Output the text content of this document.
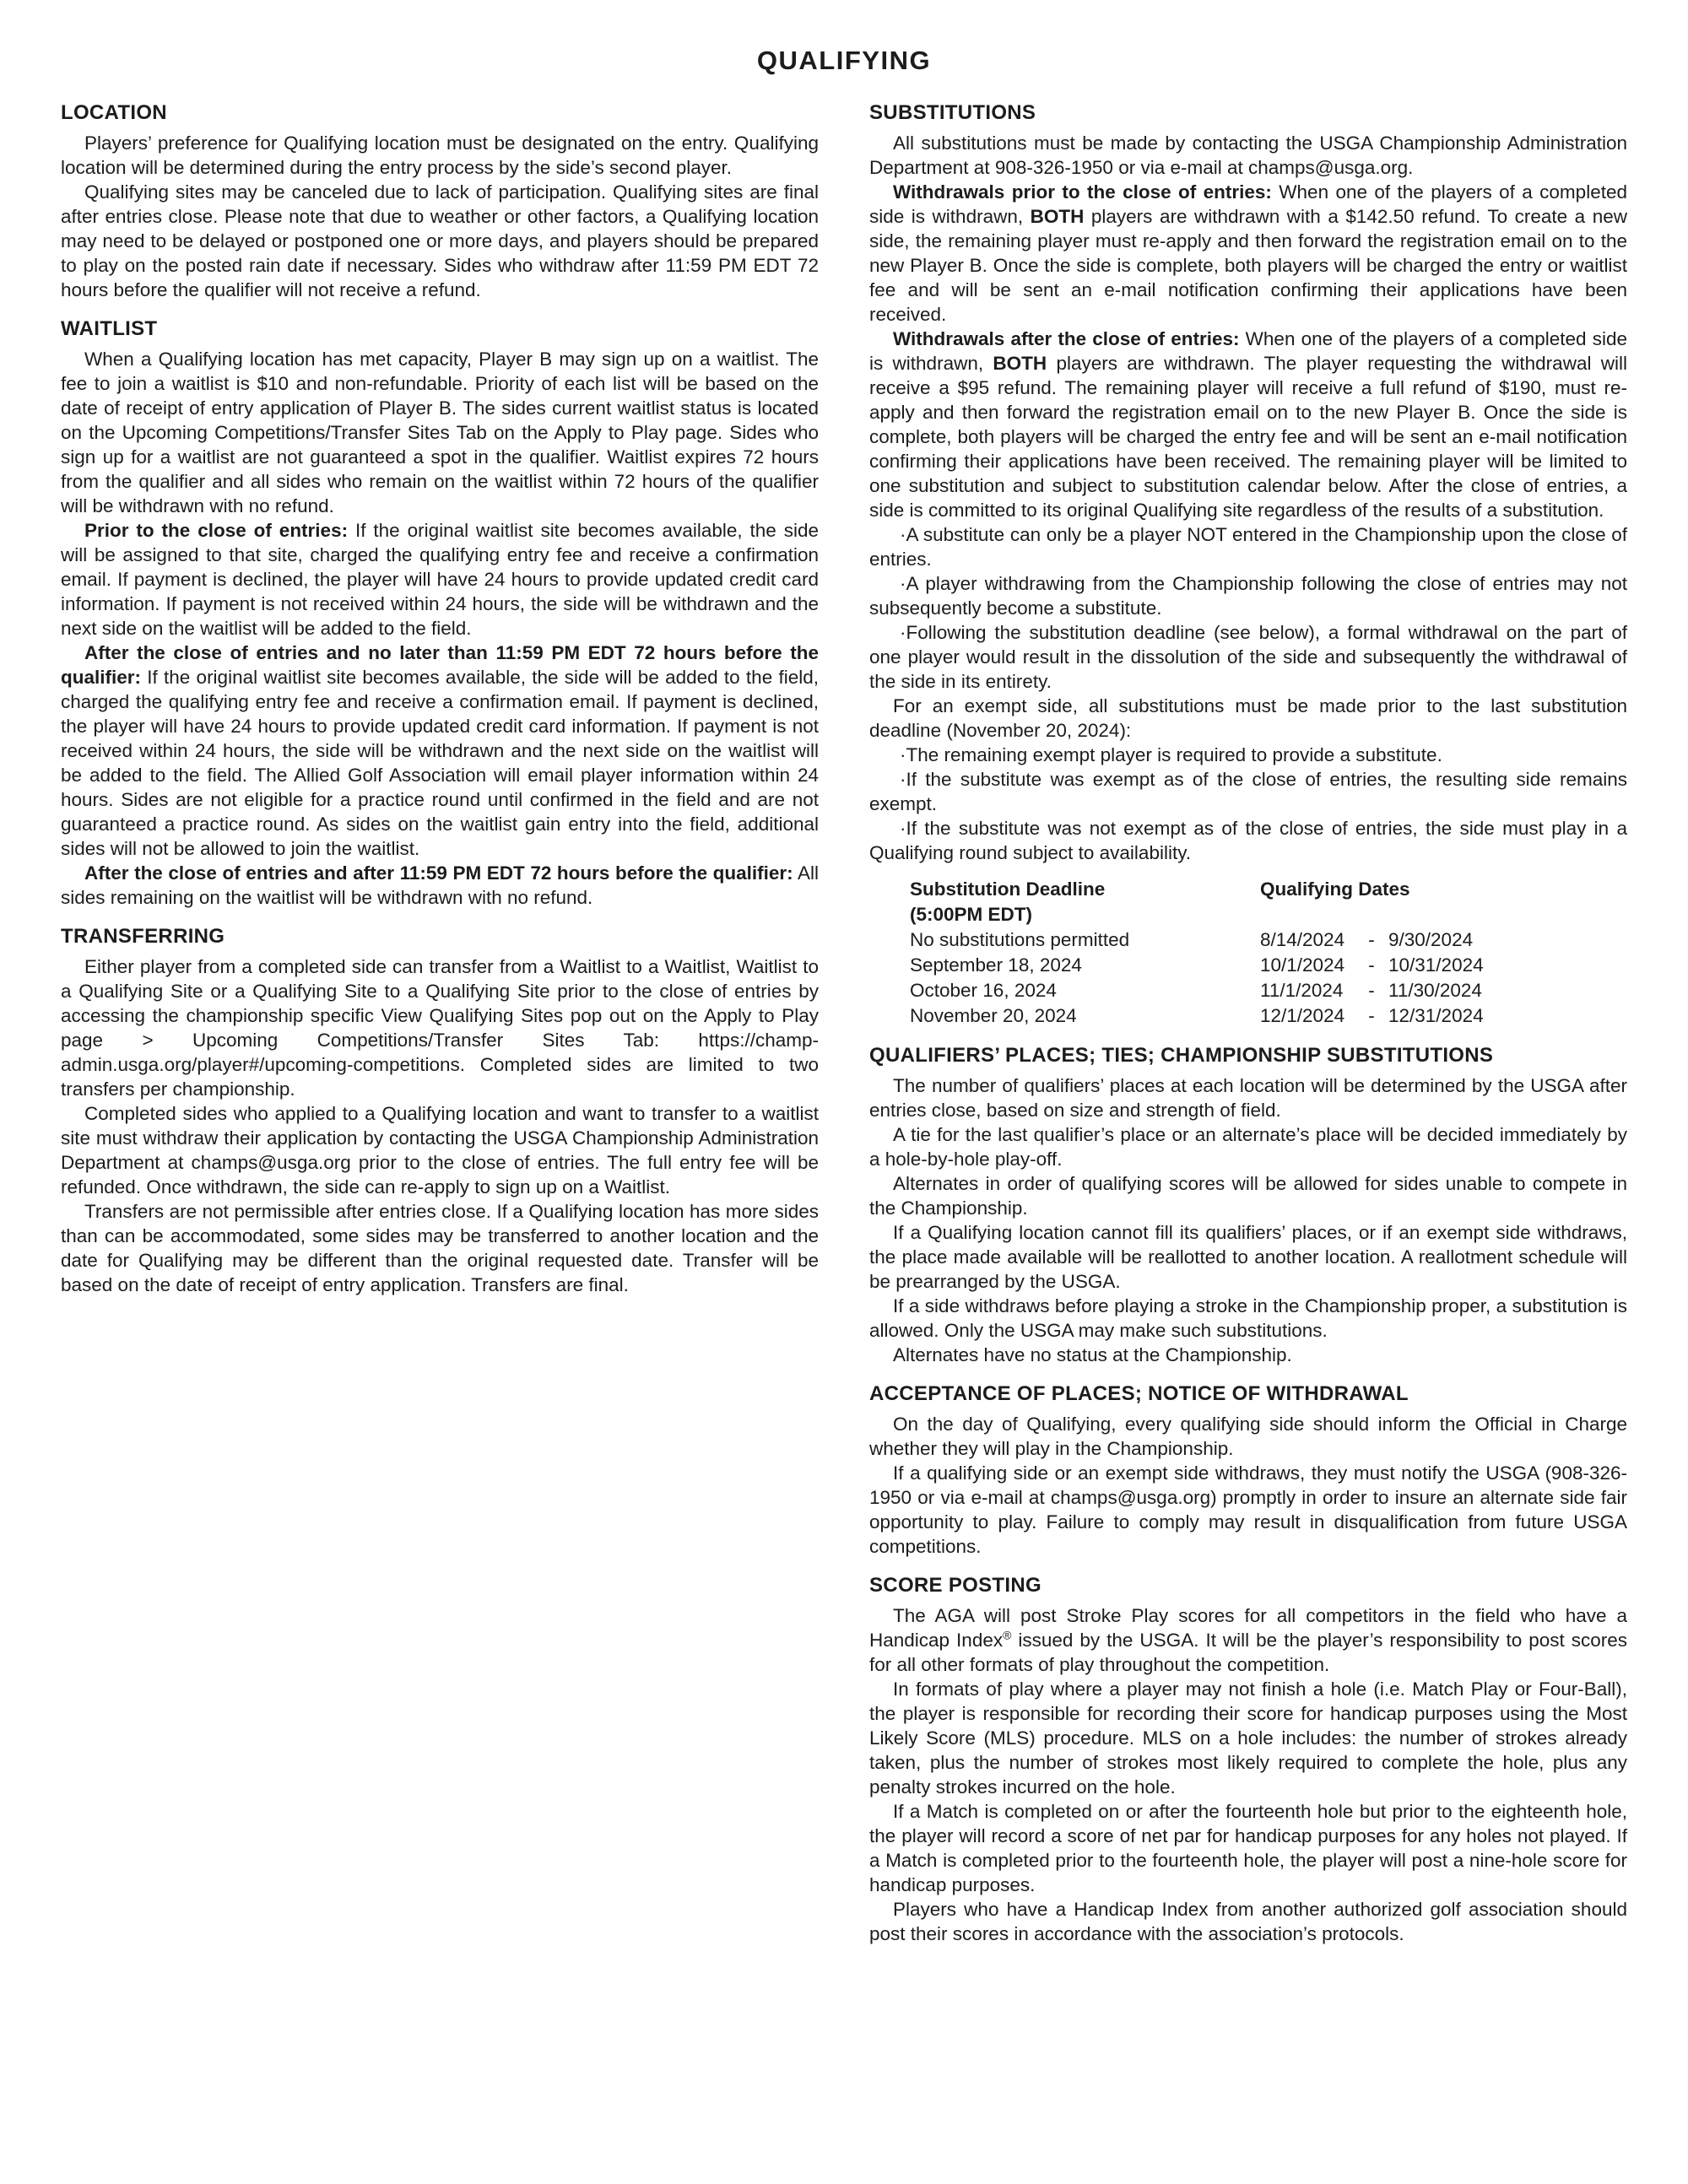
QUALIFYING
LOCATION

Players’ preference for Qualifying location must be designated on the entry. Qualifying location will be determined during the entry process by the side’s second player.

Qualifying sites may be canceled due to lack of participation. Qualifying sites are final after entries close. Please note that due to weather or other factors, a Qualifying location may need to be delayed or postponed one or more days, and players should be prepared to play on the posted rain date if necessary. Sides who withdraw after 11:59 PM EDT 72 hours before the qualifier will not receive a refund.

WAITLIST

When a Qualifying location has met capacity, Player B may sign up on a waitlist. The fee to join a waitlist is $10 and non-refundable. Priority of each list will be based on the date of receipt of entry application of Player B. The sides current waitlist status is located on the Upcoming Competitions/Transfer Sites Tab on the Apply to Play page. Sides who sign up for a waitlist are not guaranteed a spot in the qualifier. Waitlist expires 72 hours from the qualifier and all sides who remain on the waitlist within 72 hours of the qualifier will be withdrawn with no refund.

Prior to the close of entries: If the original waitlist site becomes available, the side will be assigned to that site, charged the qualifying entry fee and receive a confirmation email. If payment is declined, the player will have 24 hours to provide updated credit card information. If payment is not received within 24 hours, the side will be withdrawn and the next side on the waitlist will be added to the field.

After the close of entries and no later than 11:59 PM EDT 72 hours before the qualifier: If the original waitlist site becomes available, the side will be added to the field, charged the qualifying entry fee and receive a confirmation email. If payment is declined, the player will have 24 hours to provide updated credit card information. If payment is not received within 24 hours, the side will be withdrawn and the next side on the waitlist will be added to the field. The Allied Golf Association will email player information within 24 hours. Sides are not eligible for a practice round until confirmed in the field and are not guaranteed a practice round. As sides on the waitlist gain entry into the field, additional sides will not be allowed to join the waitlist.

After the close of entries and after 11:59 PM EDT 72 hours before the qualifier: All sides remaining on the waitlist will be withdrawn with no refund.

TRANSFERRING

Either player from a completed side can transfer from a Waitlist to a Waitlist, Waitlist to a Qualifying Site or a Qualifying Site to a Qualifying Site prior to the close of entries by accessing the championship specific View Qualifying Sites pop out on the Apply to Play page > Upcoming Competitions/Transfer Sites Tab: https://champ-admin.usga.org/player#/upcoming-competitions. Completed sides are limited to two transfers per championship.

Completed sides who applied to a Qualifying location and want to transfer to a waitlist site must withdraw their application by contacting the USGA Championship Administration Department at champs@usga.org prior to the close of entries. The full entry fee will be refunded. Once withdrawn, the side can re-apply to sign up on a Waitlist.

Transfers are not permissible after entries close. If a Qualifying location has more sides than can be accommodated, some sides may be transferred to another location and the date for Qualifying may be different than the original requested date. Transfer will be based on the date of receipt of entry application. Transfers are final.

SUBSTITUTIONS

All substitutions must be made by contacting the USGA Championship Administration Department at 908-326-1950 or via e-mail at champs@usga.org.

Withdrawals prior to the close of entries: When one of the players of a completed side is withdrawn, BOTH players are withdrawn with a $142.50 refund. To create a new side, the remaining player must re-apply and then forward the registration email on to the new Player B. Once the side is complete, both players will be charged the entry or waitlist fee and will be sent an e-mail notification confirming their applications have been received.

Withdrawals after the close of entries: When one of the players of a completed side is withdrawn, BOTH players are withdrawn. The player requesting the withdrawal will receive a $95 refund. The remaining player will receive a full refund of $190, must re-apply and then forward the registration email on to the new Player B. Once the side is complete, both players will be charged the entry fee and will be sent an e-mail notification confirming their applications have been received. The remaining player will be limited to one substitution and subject to substitution calendar below. After the close of entries, a side is committed to its original Qualifying site regardless of the results of a substitution.

·A substitute can only be a player NOT entered in the Championship upon the close of entries.

·A player withdrawing from the Championship following the close of entries may not subsequently become a substitute.

·Following the substitution deadline (see below), a formal withdrawal on the part of one player would result in the dissolution of the side and subsequently the withdrawal of the side in its entirety.

For an exempt side, all substitutions must be made prior to the last substitution deadline (November 20, 2024):

·The remaining exempt player is required to provide a substitute.

·If the substitute was exempt as of the close of entries, the resulting side remains exempt.

·If the substitute was not exempt as of the close of entries, the side must play in a Qualifying round subject to availability.

Substitution Deadline	Qualifying Dates
(5:00PM EDT)
No substitutions permitted	8/14/2024	- 9/30/2024
September 18, 2024	10/1/2024	- 10/31/2024
October 16, 2024	11/1/2024	- 11/30/2024
November 20, 2024	12/1/2024	- 12/31/2024
QUALIFIERS’ PLACES; TIES; CHAMPIONSHIP SUBSTITUTIONS

The number of qualifiers’ places at each location will be determined by the USGA after entries close, based on size and strength of field.

A tie for the last qualifier’s place or an alternate’s place will be decided immediately by a hole-by-hole play-off.

Alternates in order of qualifying scores will be allowed for sides unable to compete in the Championship.

If a Qualifying location cannot fill its qualifiers’ places, or if an exempt side withdraws, the place made available will be reallotted to another location. A reallotment schedule will be prearranged by the USGA.

If a side withdraws before playing a stroke in the Championship proper, a substitution is allowed. Only the USGA may make such substitutions.

Alternates have no status at the Championship.

ACCEPTANCE OF PLACES; NOTICE OF WITHDRAWAL

On the day of Qualifying, every qualifying side should inform the Official in Charge whether they will play in the Championship.

If a qualifying side or an exempt side withdraws, they must notify the USGA (908-326-1950 or via e-mail at champs@usga.org) promptly in order to insure an alternate side fair opportunity to play. Failure to comply may result in disqualification from future USGA competitions.

SCORE POSTING

The AGA will post Stroke Play scores for all competitors in the field who have a Handicap Index® issued by the USGA. It will be the player’s responsibility to post scores for all other formats of play throughout the competition.

In formats of play where a player may not finish a hole (i.e. Match Play or Four-Ball), the player is responsible for recording their score for handicap purposes using the Most Likely Score (MLS) procedure. MLS on a hole includes: the number of strokes already taken, plus the number of strokes most likely required to complete the hole, plus any penalty strokes incurred on the hole.

If a Match is completed on or after the fourteenth hole but prior to the eighteenth hole, the player will record a score of net par for handicap purposes for any holes not played. If a Match is completed prior to the fourteenth hole, the player will post a nine-hole score for handicap purposes.

Players who have a Handicap Index from another authorized golf association should post their scores in accordance with the association’s protocols.
